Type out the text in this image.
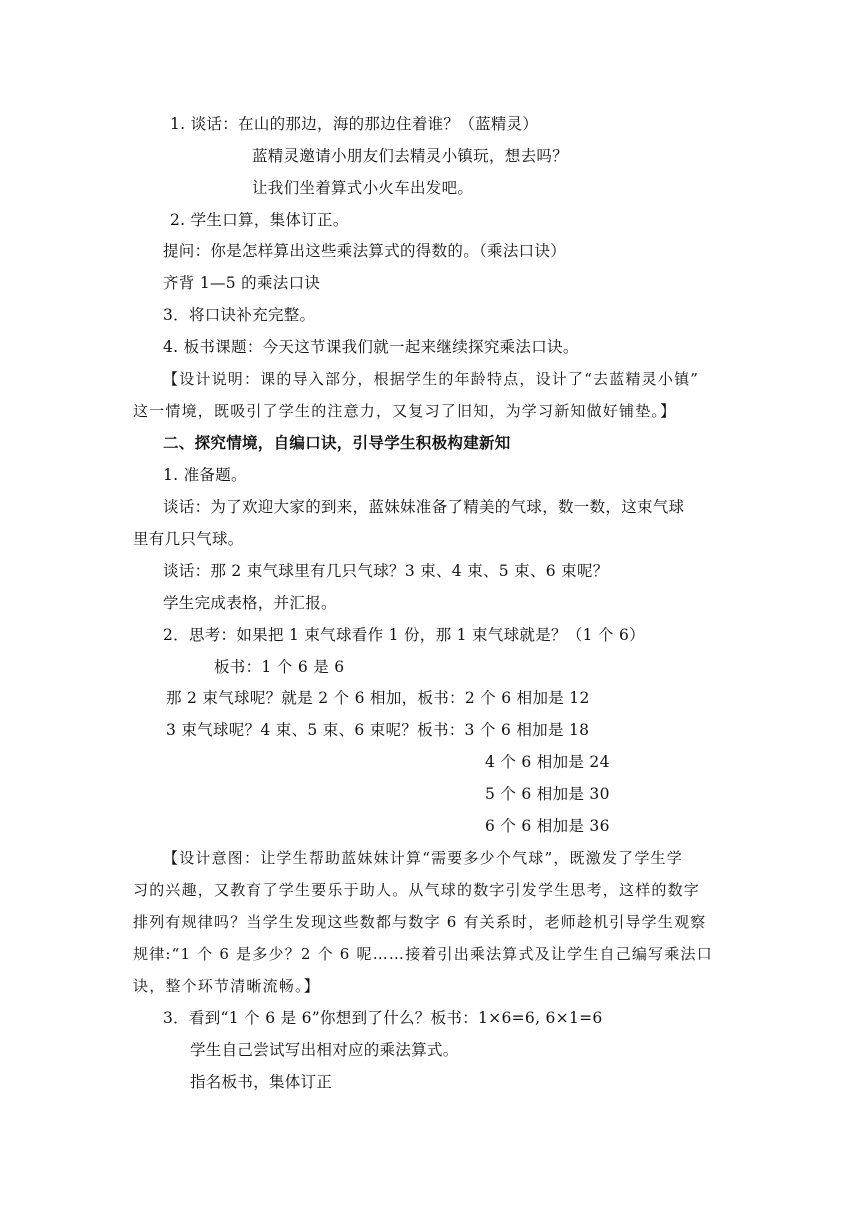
1. 谈话：在山的那边，海的那边住着谁？（蓝精灵）
蓝精灵邀请小朋友们去精灵小镇玩，想去吗？
让我们坐着算式小火车出发吧。
2. 学生口算，集体订正。
提问：你是怎样算出这些乘法算式的得数的。（乘法口诀）
齐背 1—5 的乘法口诀
3．将口诀补充完整。
4. 板书课题：今天这节课我们就一起来继续探究乘法口诀。
【设计说明：课的导入部分，根据学生的年龄特点，设计了“去蓝精灵小镇”
这一情境，既吸引了学生的注意力，又复习了旧知，为学习新知做好铺垫。】
二、探究情境，自编口诀，引导学生积极构建新知
1. 准备题。
谈话：为了欢迎大家的到来，蓝妹妹准备了精美的气球，数一数，这束气球
里有几只气球。
谈话：那 2 束气球里有几只气球？3 束、4 束、5 束、6 束呢？
学生完成表格，并汇报。
2．思考：如果把 1 束气球看作 1 份，那 1 束气球就是？（1 个 6）
板书：1 个 6 是 6
那 2 束气球呢？就是 2 个 6 相加，板书：2 个 6 相加是 12
3 束气球呢？4 束、5 束、6 束呢？板书：3 个 6 相加是 18
4 个 6 相加是 24
5 个 6 相加是 30
6 个 6 相加是 36
【设计意图：让学生帮助蓝妹妹计算“需要多少个气球”，既激发了学生学
习的兴趣，又教育了学生要乐于助人。从气球的数字引发学生思考，这样的数字
排列有规律吗？当学生发现这些数都与数字 6 有关系时，老师趁机引导学生观察
规律:“1 个 6 是多少？2 个 6 呢……接着引出乘法算式及让学生自己编写乘法口
诀，整个环节清晰流畅。】
3．看到“1 个 6 是 6”你想到了什么？板书：1×6=6, 6×1=6
学生自己尝试写出相对应的乘法算式。
指名板书，集体订正
